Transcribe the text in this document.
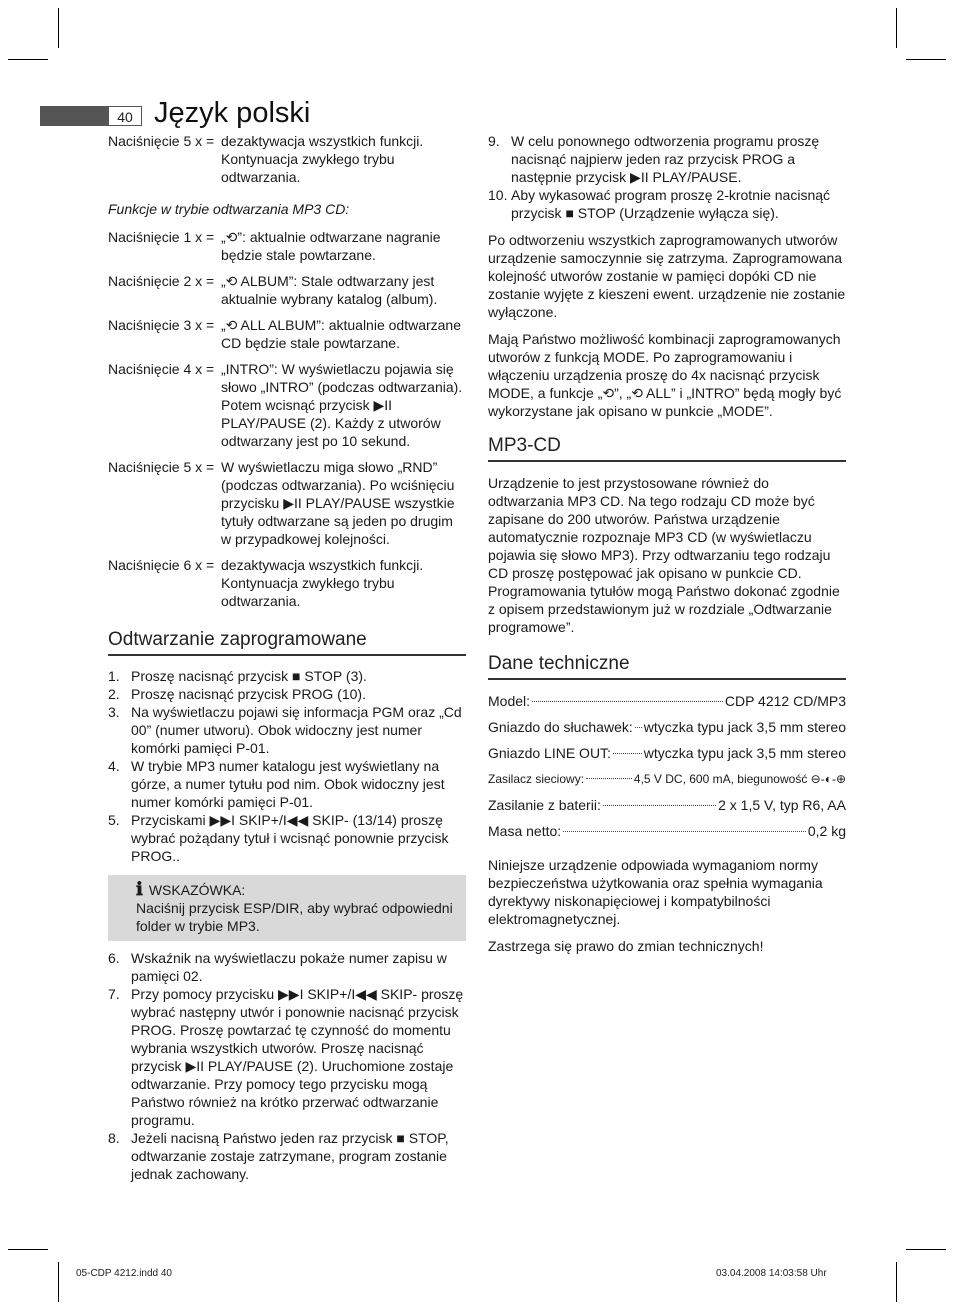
40 Język polski
Naciśnięcie 5 x = dezaktywacja wszystkich funkcji. Kontynuacja zwykłego trybu odtwarzania.
Funkcje w trybie odtwarzania MP3 CD:
Naciśnięcie 1 x = „⟲”: aktualnie odtwarzane nagranie będzie stale powtarzane.
Naciśnięcie 2 x = „⟲ ALBUM”: Stale odtwarzany jest aktualnie wybrany katalog (album).
Naciśnięcie 3 x = „⟲ ALL ALBUM”: aktualnie odtwarzane CD będzie stale powtarzane.
Naciśnięcie 4 x = „INTRO”: W wyświetlaczu pojawia się słowo „INTRO” (podczas odtwarzania). Potem wcisnąć przycisk ▶II PLAY/PAUSE (2). Każdy z utworów odtwarzany jest po 10 sekund.
Naciśnięcie 5 x = W wyświetlaczu miga słowo „RND” (podczas odtwarzania). Po wciśnięciu przycisku ▶II PLAY/PAUSE wszystkie tytuły odtwarzane są jeden po drugim w przypadkowej kolejności.
Naciśnięcie 6 x = dezaktywacja wszystkich funkcji. Kontynuacja zwykłego trybu odtwarzania.
Odtwarzanie zaprogramowane
1. Proszę nacisnąć przycisk ■ STOP (3).
2. Proszę nacisnąć przycisk PROG (10).
3. Na wyświetlaczu pojawi się informacja PGM oraz „Cd 00” (numer utworu). Obok widoczny jest numer komórki pamięci P-01.
4. W trybie MP3 numer katalogu jest wyświetlany na górze, a numer tytułu pod nim. Obok widoczny jest numer komórki pamięci P-01.
5. Przyciskami ▶▶I SKIP+/I◀◀ SKIP- (13/14) proszę wybrać pożądany tytuł i wcisnąć ponownie przycisk PROG..
ℹ WSKAZÓWKA:
Naciśnij przycisk ESP/DIR, aby wybrać odpowiedni folder w trybie MP3.
6. Wskaźnik na wyświetlaczu pokaże numer zapisu w pamięci 02.
7. Przy pomocy przycisku ▶▶I SKIP+/I◀◀ SKIP- proszę wybrać następny utwór i ponownie nacisnąć przycisk PROG. Proszę powtarzać tę czynność do momentu wybrania wszystkich utworów. Proszę nacisnąć przycisk ▶II PLAY/PAUSE (2). Uruchomione zostaje odtwarzanie. Przy pomocy tego przycisku mogą Państwo również na krótko przerwać odtwarzanie programu.
8. Jeżeli nacisną Państwo jeden raz przycisk ■ STOP, odtwarzanie zostaje zatrzymane, program zostanie jednak zachowany.
9. W celu ponownego odtworzenia programu proszę nacisnąć najpierw jeden raz przycisk PROG a następnie przycisk ▶II PLAY/PAUSE.
10. Aby wykasować program proszę 2-krotnie nacisnąć przycisk ■ STOP (Urządzenie wyłącza się).

Po odtworzeniu wszystkich zaprogramowanych utworów urządzenie samoczynnie się zatrzyma. Zaprogramowana kolejność utworów zostanie w pamięci dopóki CD nie zostanie wyjęte z kieszeni ewent. urządzenie nie zostanie wyłączone.

Mają Państwo możliwość kombinacji zaprogramowanych utworów z funkcją MODE. Po zaprogramowaniu i włączeniu urządzenia proszę do 4x nacisnąć przycisk MODE, a funkcje „⟲”, „⟲ ALL” i „INTRO” będą mogły być wykorzystane jak opisano w punkcie „MODE”.

MP3-CD

Urządzenie to jest przystosowane również do odtwarzania MP3 CD. Na tego rodzaju CD może być zapisane do 200 utworów. Państwa urządzenie automatycznie rozpoznaje MP3 CD (w wyświetlaczu pojawia się słowo MP3). Przy odtwarzaniu tego rodzaju CD proszę postępować jak opisano w punkcie CD. Programowania tytułów mogą Państwo dokonać zgodnie z opisem przedstawionym już w rozdziale „Odtwarzanie programowe”.

Dane techniczne
Model:	CDP 4212 CD/MP3
Gniazdo do słuchawek: wtyczka typu jack 3,5 mm stereo
Gniazdo LINE OUT: wtyczka typu jack 3,5 mm stereo
Zasilacz sieciowy:	4,5 V DC, 600 mA, biegunowość ⊖-◐-⊕
Zasilanie z baterii:	2 x 1,5 V, typ R6, AA
Masa netto:	0,2 kg

Niniejsze urządzenie odpowiada wymaganiom normy bezpieczeństwa użytkowania oraz spełnia wymagania dyrektywy niskonapięciowej i kompatybilności elektromagnetycznej.

Zastrzega się prawo do zmian technicznych!

05-CDP 4212.indd 40	03.04.2008 14:03:58 Uhr
